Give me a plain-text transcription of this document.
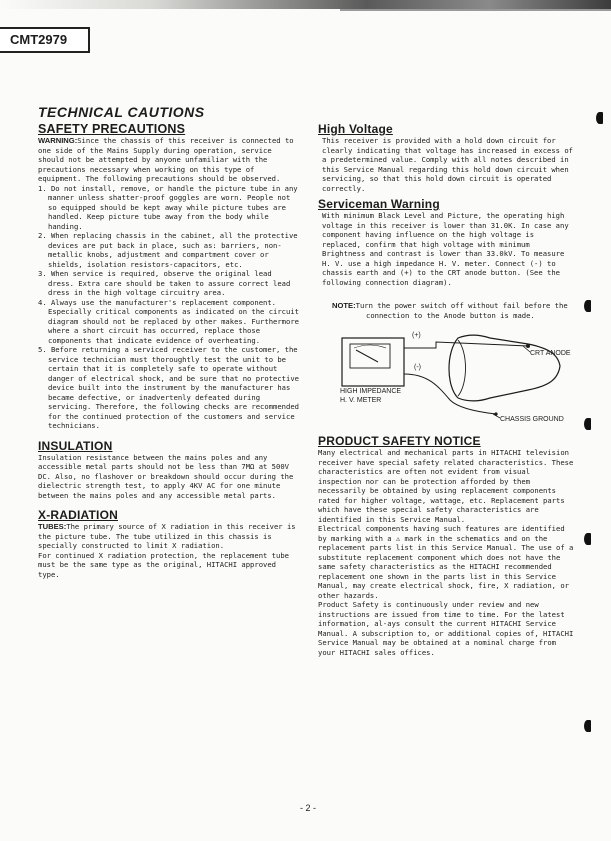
CMT2979
TECHNICAL CAUTIONS
SAFETY PRECAUTIONS

WARNING:Since the chassis of this receiver is connected to one side of the Mains Supply during operation, service should not be attempted by anyone unfamiliar with the precautions necessary when working on this type of equipment. The following precautions should be observed.

1. Do not install, remove, or handle the picture tube in any manner unless shatter-proof goggles are worn. People not so equipped should be kept away while picture tubes are handled. Keep picture tube away from the body while handing.
2. When replacing chassis in the cabinet, all the protective devices are put back in place, such as: barriers, non-metallic knobs, adjustment and compartment cover or shields, isolation resistors-capacitors, etc.
3. When service is required, observe the original lead dress. Extra care should be taken to assure correct lead dress in the high voltage circuitry area.
4. Always use the manufacturer's replacement component. Especially critical components as indicated on the circuit diagram should not be replaced by other makes. Furthermore where a short circuit has occurred, replace those components that indicate evidence of overheating.
5. Before returning a serviced receiver to the customer, the service technician must thoroughtly test the unit to be certain that it is completely safe to operate without danger of electrical shock, and be sure that no protective device built into the instrument by the manufacturer has became defective, or inadvertenly defeated during servicing. Therefore, the following checks are recommended for the continued protection of the customers and service technicians.
INSULATION

Insulation resistance between the mains poles and any accessible metal parts should not be less than 7MΩ at 500V DC. Also, no flashover or breakdown should occur during the dielectric strength test, to apply 4KV AC for one minute between the mains poles and any accessible metal parts.

X-RADIATION

TUBES:The primary source of X radiation in this receiver is the picture tube. The tube utilized in this chassis is specially constructed to limit X radiation.

For continued X radiation protection, the replacement tube must be the same type as the original, HITACHI approved type.

High Voltage

This receiver is provided with a hold down circuit for clearly indicating that voltage has increased in excess of a predetermined value. Comply with all notes described in this Service Manual regarding this hold down circuit when servicing, so that this hold down circuit is operated correctly.

Serviceman Warning

With minimum Black Level and Picture, the operating high voltage in this receiver is lower than 31.0K. In case any component having influence on the high voltage is replaced, confirm that high voltage with minimum Brightness and contrast is lower than 33.0kV. To measure H. V. use a high impedance H. V. meter. Connect (-) to chassis earth and (+) to the CRT anode button. (See the following connection diagram).

NOTE:Turn the power switch off without fail before the connection to the Anode button is made.

(+)
(-)
CRT ANODE
HIGH IMPEDANCE
H. V. METER
CHASSIS GROUND
PRODUCT SAFETY NOTICE

Many electrical and mechanical parts in HITACHI television receiver have special safety related characteristics. These characteristics are often not evident from visual inspection nor can be protection afforded by them necessarily be obtained by using replacement components rated for higher voltage, wattage, etc. Replacement parts which have these special safety characteristics are identified in this Service Manual.

Electrical components having such features are identified by marking with a ⚠ mark in the schematics and on the replacement parts list in this Service Manual. The use of a substitute replacement component which does not have the same safety characteristics as the HITACHI recommended replacement one shown in the parts list in this Service Manual, may create electrical shock, fire, X radiation, or other hazards.

Product Safety is continuously under review and new instructions are issued from time to time. For the latest information, al-ays consult the current HITACHI Service Manual. A subscription to, or additional copies of, HITACHI Service Manual may be obtained at a nominal charge from your HITACHI sales offices.

- 2 -
